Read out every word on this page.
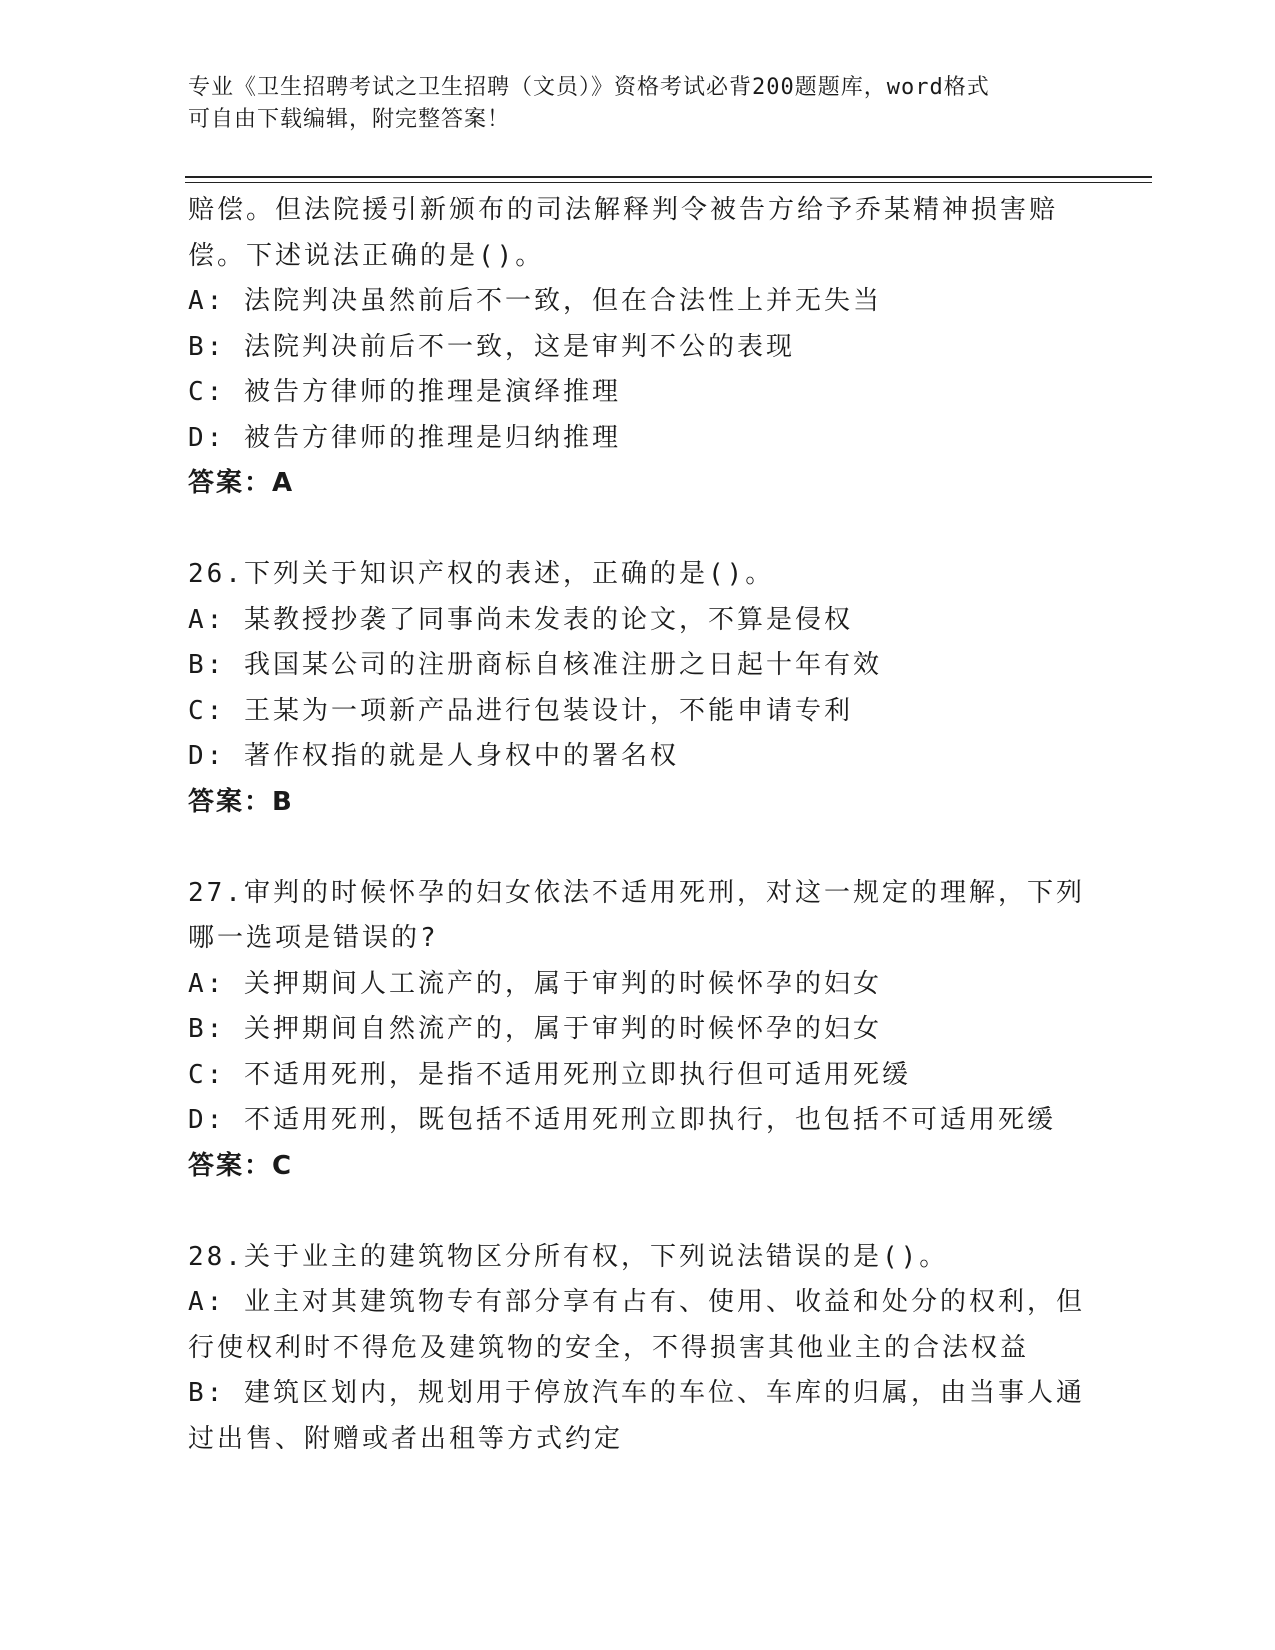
专业《卫生招聘考试之卫生招聘（文员）》资格考试必背200题题库，word格式
可自由下载编辑，附完整答案！
赔偿。但法院援引新颁布的司法解释判令被告方给予乔某精神损害赔
偿。下述说法正确的是()。
A: 法院判决虽然前后不一致，但在合法性上并无失当
B: 法院判决前后不一致，这是审判不公的表现
C: 被告方律师的推理是演绎推理
D: 被告方律师的推理是归纳推理
答案：A
26.下列关于知识产权的表述，正确的是()。
A: 某教授抄袭了同事尚未发表的论文，不算是侵权
B: 我国某公司的注册商标自核准注册之日起十年有效
C: 王某为一项新产品进行包装设计，不能申请专利
D: 著作权指的就是人身权中的署名权
答案：B
27.审判的时候怀孕的妇女依法不适用死刑，对这一规定的理解，下列
哪一选项是错误的?
A: 关押期间人工流产的，属于审判的时候怀孕的妇女
B: 关押期间自然流产的，属于审判的时候怀孕的妇女
C: 不适用死刑，是指不适用死刑立即执行但可适用死缓
D: 不适用死刑，既包括不适用死刑立即执行，也包括不可适用死缓
答案：C
28.关于业主的建筑物区分所有权，下列说法错误的是()。
A: 业主对其建筑物专有部分享有占有、使用、收益和处分的权利，但
行使权利时不得危及建筑物的安全，不得损害其他业主的合法权益
B: 建筑区划内，规划用于停放汽车的车位、车库的归属，由当事人通
过出售、附赠或者出租等方式约定
